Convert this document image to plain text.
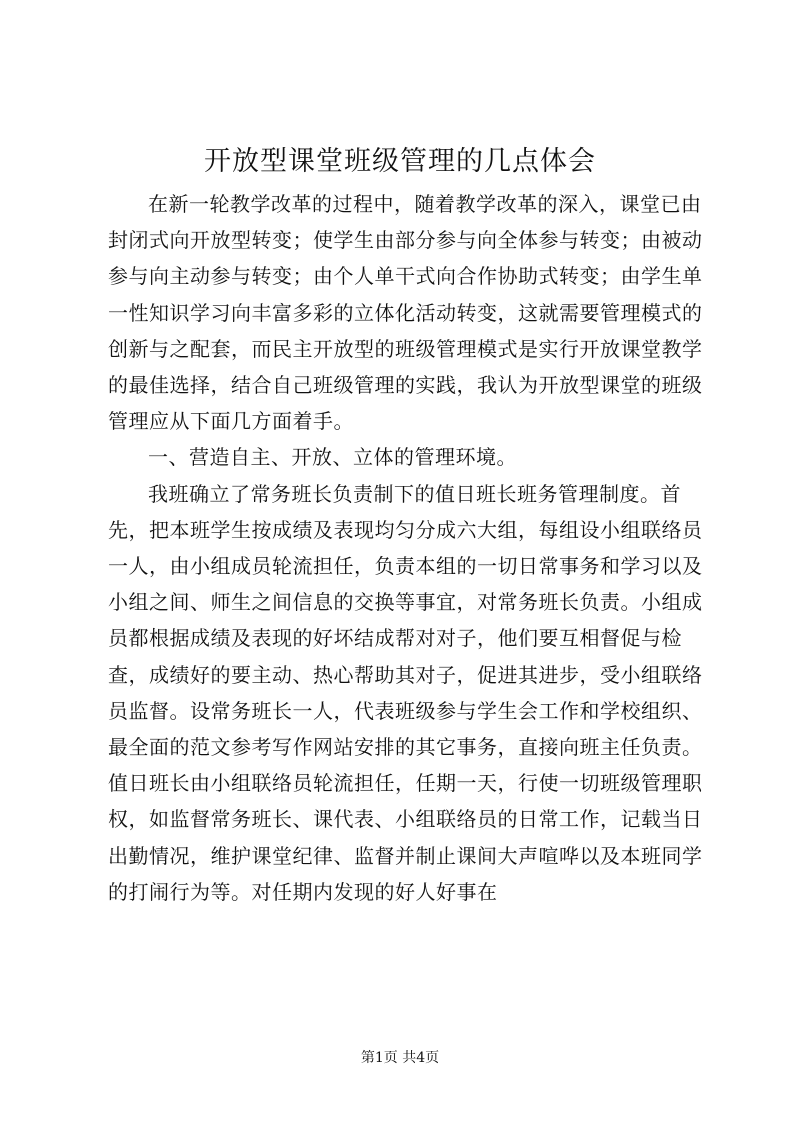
开放型课堂班级管理的几点体会

在新一轮教学改革的过程中，随着教学改革的深入，课堂已由封闭式向开放型转变；使学生由部分参与向全体参与转变；由被动参与向主动参与转变；由个人单干式向合作协助式转变；由学生单一性知识学习向丰富多彩的立体化活动转变，这就需要管理模式的创新与之配套，而民主开放型的班级管理模式是实行开放课堂教学的最佳选择，结合自己班级管理的实践，我认为开放型课堂的班级管理应从下面几方面着手。

一、营造自主、开放、立体的管理环境。

我班确立了常务班长负责制下的值日班长班务管理制度。首先，把本班学生按成绩及表现均匀分成六大组，每组设小组联络员一人，由小组成员轮流担任，负责本组的一切日常事务和学习以及小组之间、师生之间信息的交换等事宜，对常务班长负责。小组成员都根据成绩及表现的好坏结成帮对对子，他们要互相督促与检查，成绩好的要主动、热心帮助其对子，促进其进步，受小组联络员监督。设常务班长一人，代表班级参与学生会工作和学校组织、最全面的范文参考写作网站安排的其它事务，直接向班主任负责。值日班长由小组联络员轮流担任，任期一天，行使一切班级管理职权，如监督常务班长、课代表、小组联络员的日常工作，记载当日出勤情况，维护课堂纪律、监督并制止课间大声喧哗以及本班同学的打闹行为等。对任期内发现的好人好事在

第1页 共4页
